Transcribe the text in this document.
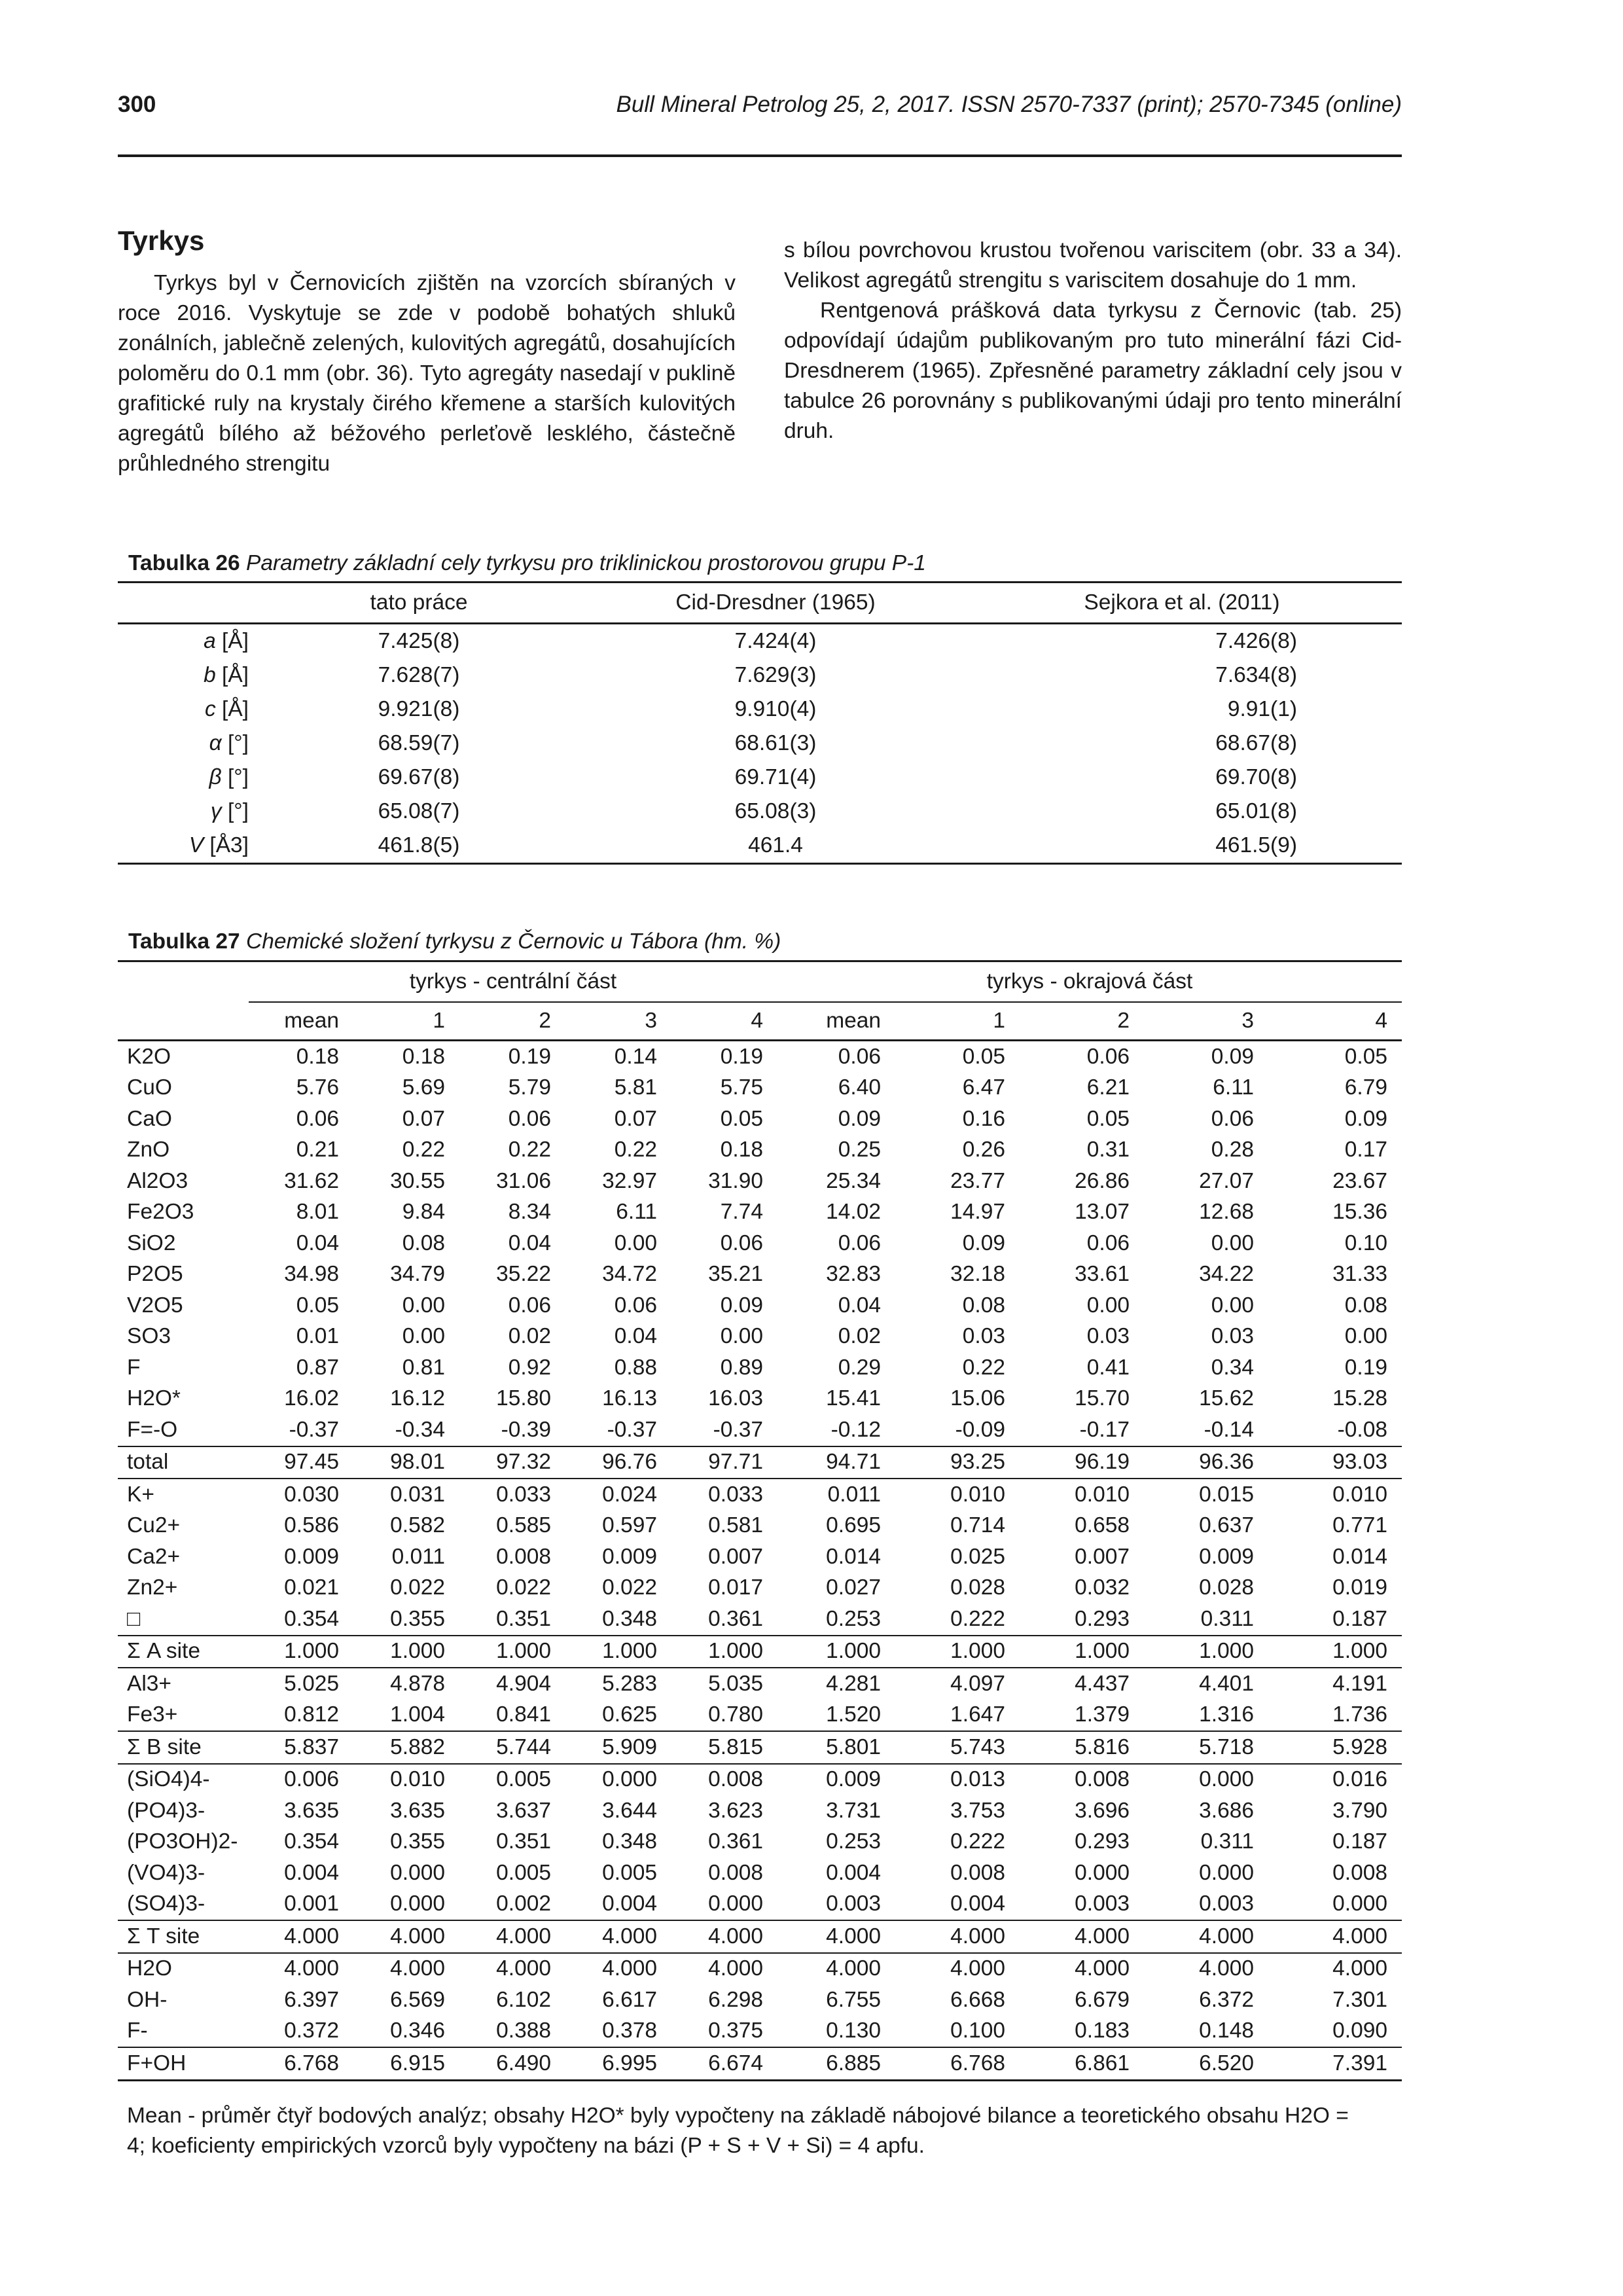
300	Bull Mineral Petrolog 25, 2, 2017. ISSN 2570-7337 (print); 2570-7345 (online)
Tyrkys

Tyrkys byl v Černovicích zjištěn na vzorcích sbíraných v roce 2016. Vyskytuje se zde v podobě bohatých shluků zonálních, jablečně zelených, kulovitých agregátů, dosahujících poloměru do 0.1 mm (obr. 36). Tyto agregáty nasedají v puklině grafitické ruly na krystaly čirého křemene a starších kulovitých agregátů bílého až béžového perleťově lesklého, částečně průhledného strengitu

s bílou povrchovou krustou tvořenou variscitem (obr. 33 a 34). Velikost agregátů strengitu s variscitem dosahuje do 1 mm.

Rentgenová prášková data tyrkysu z Černovic (tab. 25) odpovídají údajům publikovaným pro tuto minerální fázi Cid-Dresdnerem (1965). Zpřesněné parametry základní cely jsou v tabulce 26 porovnány s publikovanými údaji pro tento minerální druh.

Tabulka 26 Parametry základní cely tyrkysu pro triklinickou prostorovou grupu P-1
	tato práce	Cid-Dresdner (1965)	Sejkora et al. (2011)
a [Å]	7.425(8)	7.424(4)	7.426(8)
b [Å]	7.628(7)	7.629(3)	7.634(8)
c [Å]	9.921(8)	9.910(4)	9.91(1)
α [°]	68.59(7)	68.61(3)	68.67(8)
β [°]	69.67(8)	69.71(4)	69.70(8)
γ [°]	65.08(7)	65.08(3)	65.01(8)
V [Å3]	461.8(5)	461.4	461.5(9)
Tabulka 27 Chemické složení tyrkysu z Černovic u Tábora (hm. %)
	tyrkys - centrální část					tyrkys - okrajová část				
	mean	1	2	3	4	mean	1	2	3	4
K2O	0.18	0.18	0.19	0.14	0.19	0.06	0.05	0.06	0.09	0.05
CuO	5.76	5.69	5.79	5.81	5.75	6.40	6.47	6.21	6.11	6.79
CaO	0.06	0.07	0.06	0.07	0.05	0.09	0.16	0.05	0.06	0.09
ZnO	0.21	0.22	0.22	0.22	0.18	0.25	0.26	0.31	0.28	0.17
Al2O3	31.62	30.55	31.06	32.97	31.90	25.34	23.77	26.86	27.07	23.67
Fe2O3	8.01	9.84	8.34	6.11	7.74	14.02	14.97	13.07	12.68	15.36
SiO2	0.04	0.08	0.04	0.00	0.06	0.06	0.09	0.06	0.00	0.10
P2O5	34.98	34.79	35.22	34.72	35.21	32.83	32.18	33.61	34.22	31.33
V2O5	0.05	0.00	0.06	0.06	0.09	0.04	0.08	0.00	0.00	0.08
SO3	0.01	0.00	0.02	0.04	0.00	0.02	0.03	0.03	0.03	0.00
F	0.87	0.81	0.92	0.88	0.89	0.29	0.22	0.41	0.34	0.19
H2O*	16.02	16.12	15.80	16.13	16.03	15.41	15.06	15.70	15.62	15.28
F=-O	-0.37	-0.34	-0.39	-0.37	-0.37	-0.12	-0.09	-0.17	-0.14	-0.08
total	97.45	98.01	97.32	96.76	97.71	94.71	93.25	96.19	96.36	93.03
K+	0.030	0.031	0.033	0.024	0.033	0.011	0.010	0.010	0.015	0.010
Cu2+	0.586	0.582	0.585	0.597	0.581	0.695	0.714	0.658	0.637	0.771
Ca2+	0.009	0.011	0.008	0.009	0.007	0.014	0.025	0.007	0.009	0.014
Zn2+	0.021	0.022	0.022	0.022	0.017	0.027	0.028	0.032	0.028	0.019
□	0.354	0.355	0.351	0.348	0.361	0.253	0.222	0.293	0.311	0.187
Σ A site	1.000	1.000	1.000	1.000	1.000	1.000	1.000	1.000	1.000	1.000
Al3+	5.025	4.878	4.904	5.283	5.035	4.281	4.097	4.437	4.401	4.191
Fe3+	0.812	1.004	0.841	0.625	0.780	1.520	1.647	1.379	1.316	1.736
Σ B site	5.837	5.882	5.744	5.909	5.815	5.801	5.743	5.816	5.718	5.928
(SiO4)4-	0.006	0.010	0.005	0.000	0.008	0.009	0.013	0.008	0.000	0.016
(PO4)3-	3.635	3.635	3.637	3.644	3.623	3.731	3.753	3.696	3.686	3.790
(PO3OH)2-	0.354	0.355	0.351	0.348	0.361	0.253	0.222	0.293	0.311	0.187
(VO4)3-	0.004	0.000	0.005	0.005	0.008	0.004	0.008	0.000	0.000	0.008
(SO4)3-	0.001	0.000	0.002	0.004	0.000	0.003	0.004	0.003	0.003	0.000
Σ T site	4.000	4.000	4.000	4.000	4.000	4.000	4.000	4.000	4.000	4.000
H2O	4.000	4.000	4.000	4.000	4.000	4.000	4.000	4.000	4.000	4.000
OH-	6.397	6.569	6.102	6.617	6.298	6.755	6.668	6.679	6.372	7.301
F-	0.372	0.346	0.388	0.378	0.375	0.130	0.100	0.183	0.148	0.090
F+OH	6.768	6.915	6.490	6.995	6.674	6.885	6.768	6.861	6.520	7.391
Mean - průměr čtyř bodových analýz; obsahy H2O* byly vypočteny na základě nábojové bilance a teoretického obsahu H2O = 4; koeficienty empirických vzorců byly vypočteny na bázi (P + S + V + Si) = 4 apfu.
